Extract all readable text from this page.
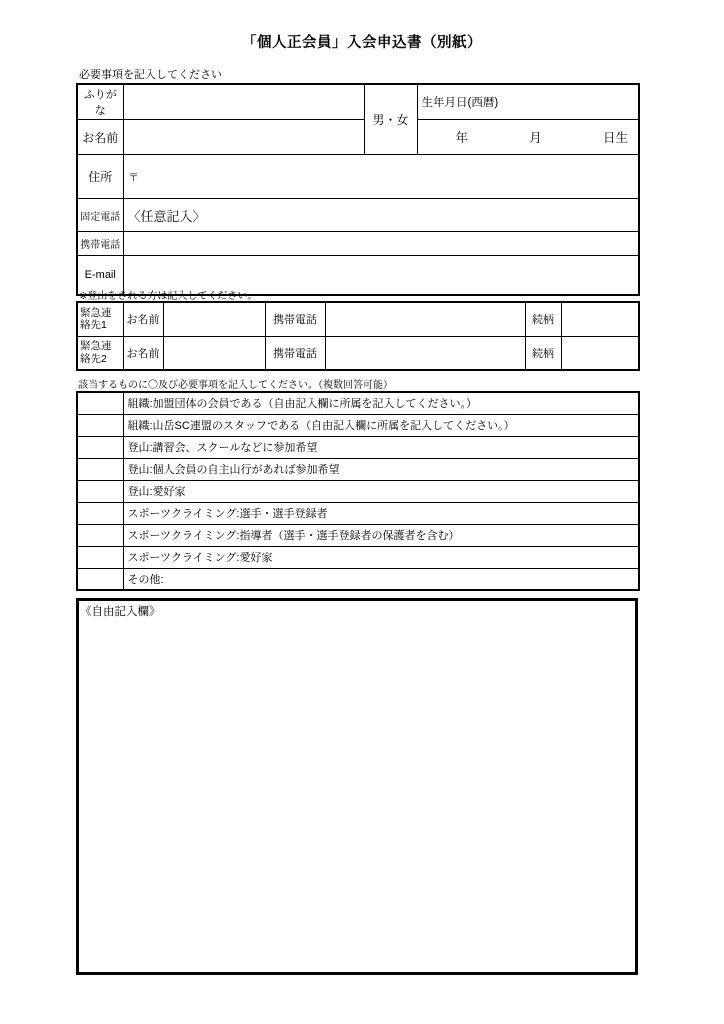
「個人正会員」入会申込書（別紙）
必要事項を記入してください
ふりがな		男・女	生年月日(西暦)
お名前			年 月 日生

住所	〒		
固定電話	〈任意記入〉		
携帯電話			
E-mail			
※登山をされる方は記入してください。
緊急連絡先1	お名前		携帯電話		続柄	
緊急連絡先2	お名前		携帯電話		続柄	
該当するものに〇及び必要事項を記入してください。（複数回答可能）
	組織:加盟団体の会員である（自由記入欄に所属を記入してください。）
	組織:山岳SC連盟のスタッフである（自由記入欄に所属を記入してください。）
	登山:講習会、スクールなどに参加希望
	登山:個人会員の自主山行があれば参加希望
	登山:愛好家
	スポーツクライミング:選手・選手登録者
	スポーツクライミング:指導者（選手・選手登録者の保護者を含む）
	スポーツクライミング:愛好家
	その他:
《自由記入欄》
